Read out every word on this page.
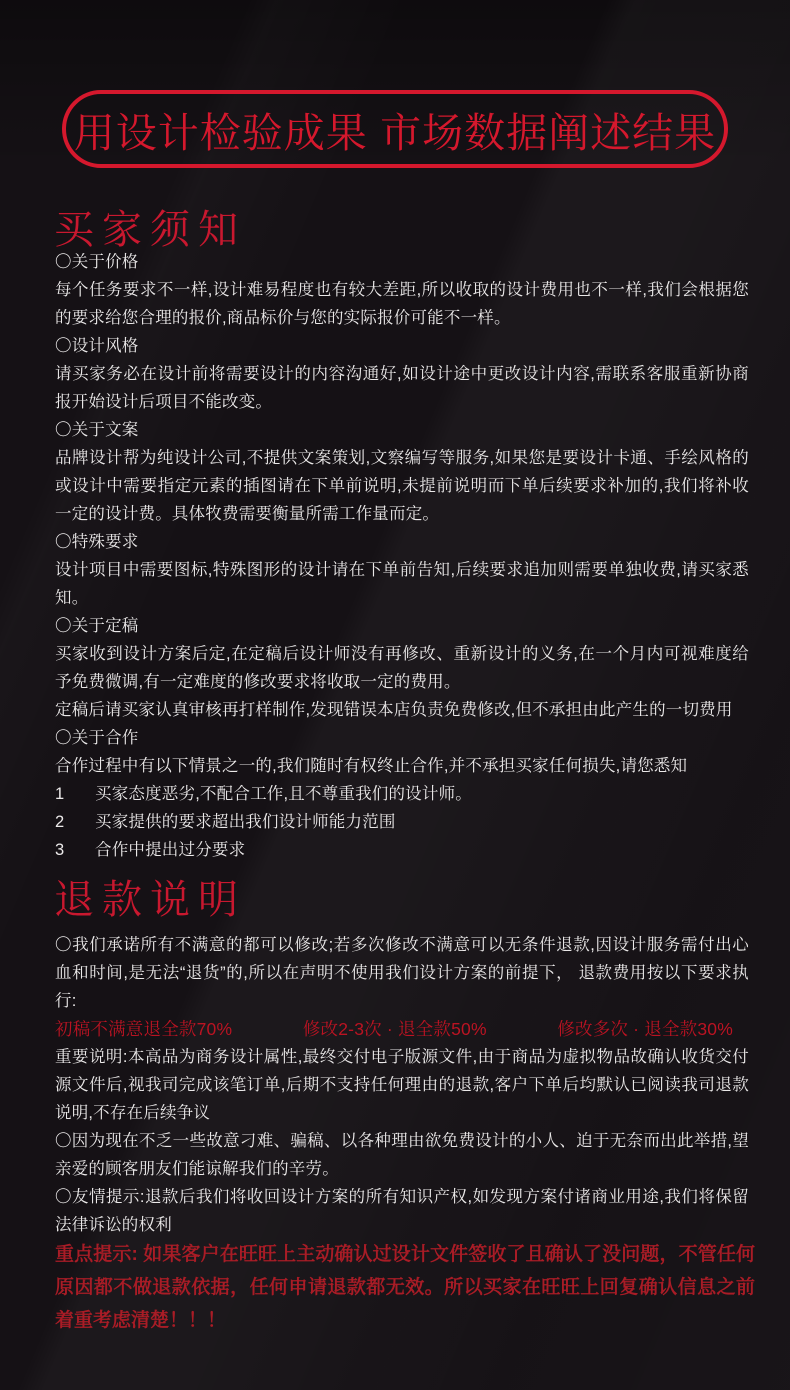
用设计检验成果 市场数据阐述结果
买家须知
〇关于价格
每个任务要求不一样,设计难易程度也有较大差距,所以收取的设计费用也不一样,我们会根据您的要求给您合理的报价,商品标价与您的实际报价可能不一样。
〇设计风格
请买家务必在设计前将需要设计的内容沟通好,如设计途中更改设计内容,需联系客服重新协商报开始设计后项目不能改变。
〇关于文案
品牌设计帮为纯设计公司,不提供文案策划,文察编写等服务,如果您是要设计卡通、手绘风格的或设计中需要指定元素的插图请在下单前说明,未提前说明而下单后续要求补加的,我们将补收一定的设计费。具体牧费需要衡量所需工作量而定。
〇特殊要求
设计项目中需要图标,特殊图形的设计请在下单前告知,后续要求追加则需要单独收费,请买家悉知。
〇关于定稿
买家收到设计方案后定,在定稿后设计师没有再修改、重新设计的义务,在一个月内可视难度给予免费微调,有一定难度的修改要求将收取一定的费用。
定稿后请买家认真审核再打样制作,发现错误本店负责免费修改,但不承担由此产生的一切费用
〇关于合作
合作过程中有以下情景之一的,我们随时有权终止合作,并不承担买家任何损失,请您悉知
1	买家态度恶劣,不配合工作,且不尊重我们的设计师。
2	买家提供的要求超出我们设计师能力范围
3	合作中提出过分要求
退款说明
〇我们承诺所有不满意的都可以修改;若多次修改不满意可以无条件退款,因设计服务需付出心血和时间,是无法“退货”的,所以在声明不使用我们设计方案的前提下， 退款费用按以下要求执行:
初稿不满意退全款70%	修改2-3次 · 退全款50%	修改多次 · 退全款30%
重要说明:本高品为商务设计属性,最终交付电子版源文件,由于商品为虚拟物品故确认收货交付源文件后,视我司完成该笔订单,后期不支持任何理由的退款,客户下单后均默认已阅读我司退款说明,不存在后续争议
〇因为现在不乏一些故意刁难、骗稿、以各种理由欲免费设计的小人、迫于无奈而出此举措,望亲爱的顾客朋友们能谅解我们的辛劳。
〇友情提示:退款后我们将收回设计方案的所有知识产权,如发现方案付诸商业用途,我们将保留法律诉讼的权利
重点提示: 如果客户在旺旺上主动确认过设计文件签收了且确认了没问题，不管任何原因都不做退款依据，任何申请退款都无效。所以买家在旺旺上回复确认信息之前着重考虑清楚！！！
